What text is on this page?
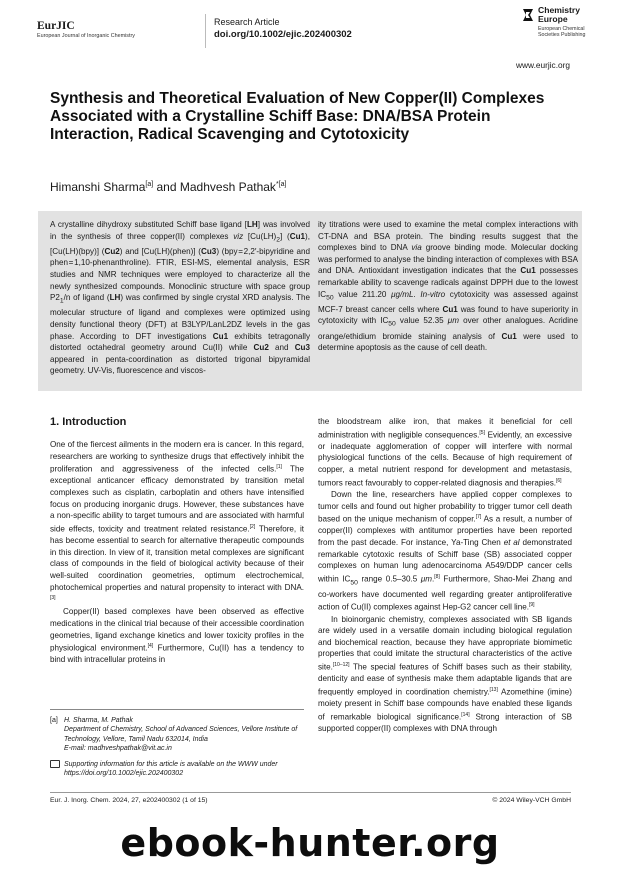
EurJIC
European Journal of Inorganic Chemistry
Research Article
doi.org/10.1002/ejic.202400302
Chemistry Europe
European Chemical Societies Publishing
www.eurjic.org
Synthesis and Theoretical Evaluation of New Copper(II) Complexes Associated with a Crystalline Schiff Base: DNA/BSA Protein Interaction, Radical Scavenging and Cytotoxicity
Himanshi Sharma[a] and Madhvesh Pathak$^{*[a]}$

A crystalline dihydroxy substituted Schiff base ligand [LH] was involved in the synthesis of three copper(II) complexes viz $[Cu(LH)_2]$ (Cu1), [Cu(LH)(bpy)] (Cu2) and [Cu(LH)(phen)] (Cu3) (bpy = 2,2′-bipyridine and phen = 1,10-phenanthroline). FTIR, ESI-MS, elemental analysis, ESR studies and NMR techniques were employed to characterize all the newly synthesized compounds. Monoclinic structure with space group $P2_1/n$ of ligand (LH) was confirmed by single crystal XRD analysis. The molecular structure of ligand and complexes were optimized using density functional theory (DFT) at B3LYP/LanL2DZ levels in the gas phase. According to DFT investigations Cu1 exhibits tetragonally distorted octahedral geometry around Cu(II) while Cu2 and Cu3 appeared in penta-coordination as distorted trigonal bipyramidal geometry. UV-Vis, fluorescence and viscos-

ity titrations were used to examine the metal complex interactions with CT-DNA and BSA protein. The binding results suggest that the complexes bind to DNA via groove binding mode. Molecular docking was performed to analyse the binding interaction of complexes with BSA and DNA. Antioxidant investigation indicates that the Cu1 possesses remarkable ability to scavenge radicals against DPPH due to the lowest $IC_{50}$ value 211.20 μg/mL. In-vitro cytotoxicity was assessed against MCF-7 breast cancer cells where Cu1 was found to have superiority in cytotoxicity with $IC_{50}$ value 52.35 μm over other analogues. Acridine orange/ethidium bromide staining analysis of Cu1 were used to determine apoptosis as the cause of cell death.

1. Introduction

One of the fiercest ailments in the modern era is cancer. In this regard, researchers are working to synthesize drugs that effectively inhibit the proliferation and aggressiveness of the infected cells.[1] The exceptional anticancer efficacy demonstrated by transition metal complexes such as cisplatin, carboplatin and others have intensified focus on producing inorganic drugs. However, these substances have a non-specific ability to target tumours and are associated with harmful side effects, toxicity and treatment related resistance.[2] Therefore, it has become essential to search for alternative therapeutic compounds in this direction. In view of it, transition metal complexes are significant class of compounds in the field of biological activity because of their well-suited coordination geometries, optimum electrochemical, photochemical properties and natural propensity to interact with DNA.[3]

Copper(II) based complexes have been observed as effective medications in the clinical trial because of their accessible coordination geometries, ligand exchange kinetics and lower toxicity profiles in the physiological environment.[4] Furthermore, Cu(II) has a tendency to bind with intracellular proteins in

the bloodstream alike iron, that makes it beneficial for cell administration with negligible consequences.[5] Evidently, an excessive or inadequate agglomeration of copper will interfere with normal physiological functions of the cells. Because of high requirement of copper, a metal nutrient respond for development and metastasis, tumors react favourably to copper-related diagnosis and therapies.[6]

Down the line, researchers have applied copper complexes to tumor cells and found out higher probability to trigger tumor cell death based on the unique mechanism of copper.[7] As a result, a number of copper(II) complexes with antitumor properties have been reported from the past decade. For instance, Ya-Ting Chen et al demonstrated remarkable cytotoxic results of Schiff base (SB) associated copper complexes on human lung adenocarcinoma A549/DDP cancer cells within $IC_{50}$ range 0.5–30.5 μm.[8] Furthermore, Shao-Mei Zhang and co-workers have documented well regarding greater antiproliferative action of Cu(II) complexes against Hep-G2 cancer cell line.[9]

In bioinorganic chemistry, complexes associated with SB ligands are widely used in a versatile domain including biological regulation and biochemical reaction, because they have appropriate biomimetic properties that could imitate the structural characteristics of the active site.[10–12] The special features of Schiff bases such as their stability, denticity and ease of synthesis make them adaptable ligands that are frequently employed in coordination chemistry.[13] Azomethine (imine) moiety present in Schiff base compounds have enabled these ligands of remarkable biological significance.[14] Strong interaction of SB supported copper(II) complexes with DNA through

[a] H. Sharma, M. Pathak
Department of Chemistry, School of Advanced Sciences, Vellore Institute of
Technology, Vellore, Tamil Nadu 632014, India
E-mail: madhveshpathak@vit.ac.in
Supporting information for this article is available on the WWW under
https://doi.org/10.1002/ejic.202400302
Eur. J. Inorg. Chem. 2024, 27, e202400302 (1 of 15)	© 2024 Wiley-VCH GmbH
ebook-hunter.org
